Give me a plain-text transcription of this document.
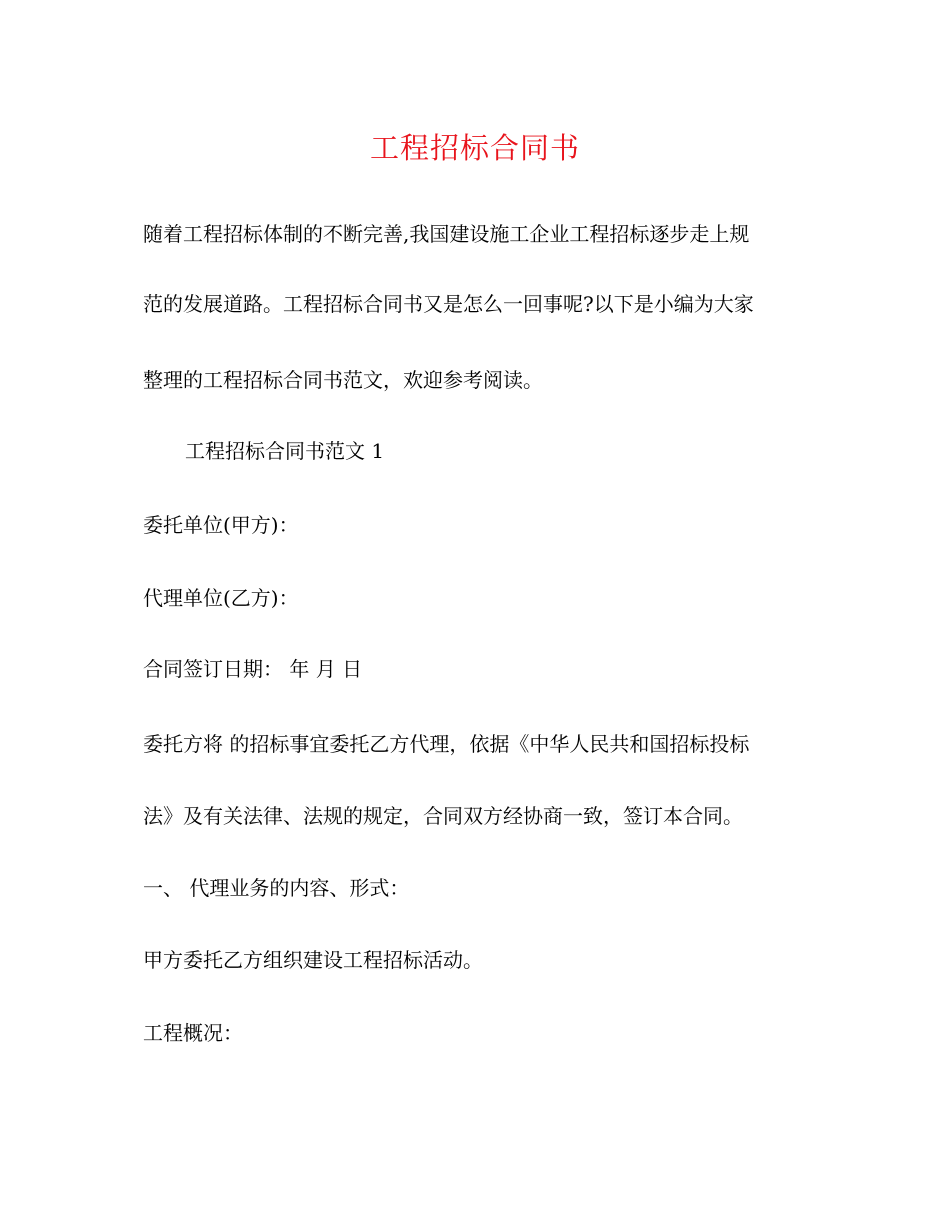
工程招标合同书
随着工程招标体制的不断完善,我国建设施工企业工程招标逐步走上规
范的发展道路。工程招标合同书又是怎么一回事呢?以下是小编为大家
整理的工程招标合同书范文，欢迎参考阅读。
工程招标合同书范文 1
委托单位(甲方)：
代理单位(乙方)：
合同签订日期： 年 月 日
委托方将 的招标事宜委托乙方代理，依据《中华人民共和国招标投标
法》及有关法律、法规的规定，合同双方经协商一致，签订本合同。
一、 代理业务的内容、形式：
甲方委托乙方组织建设工程招标活动。
工程概况：
